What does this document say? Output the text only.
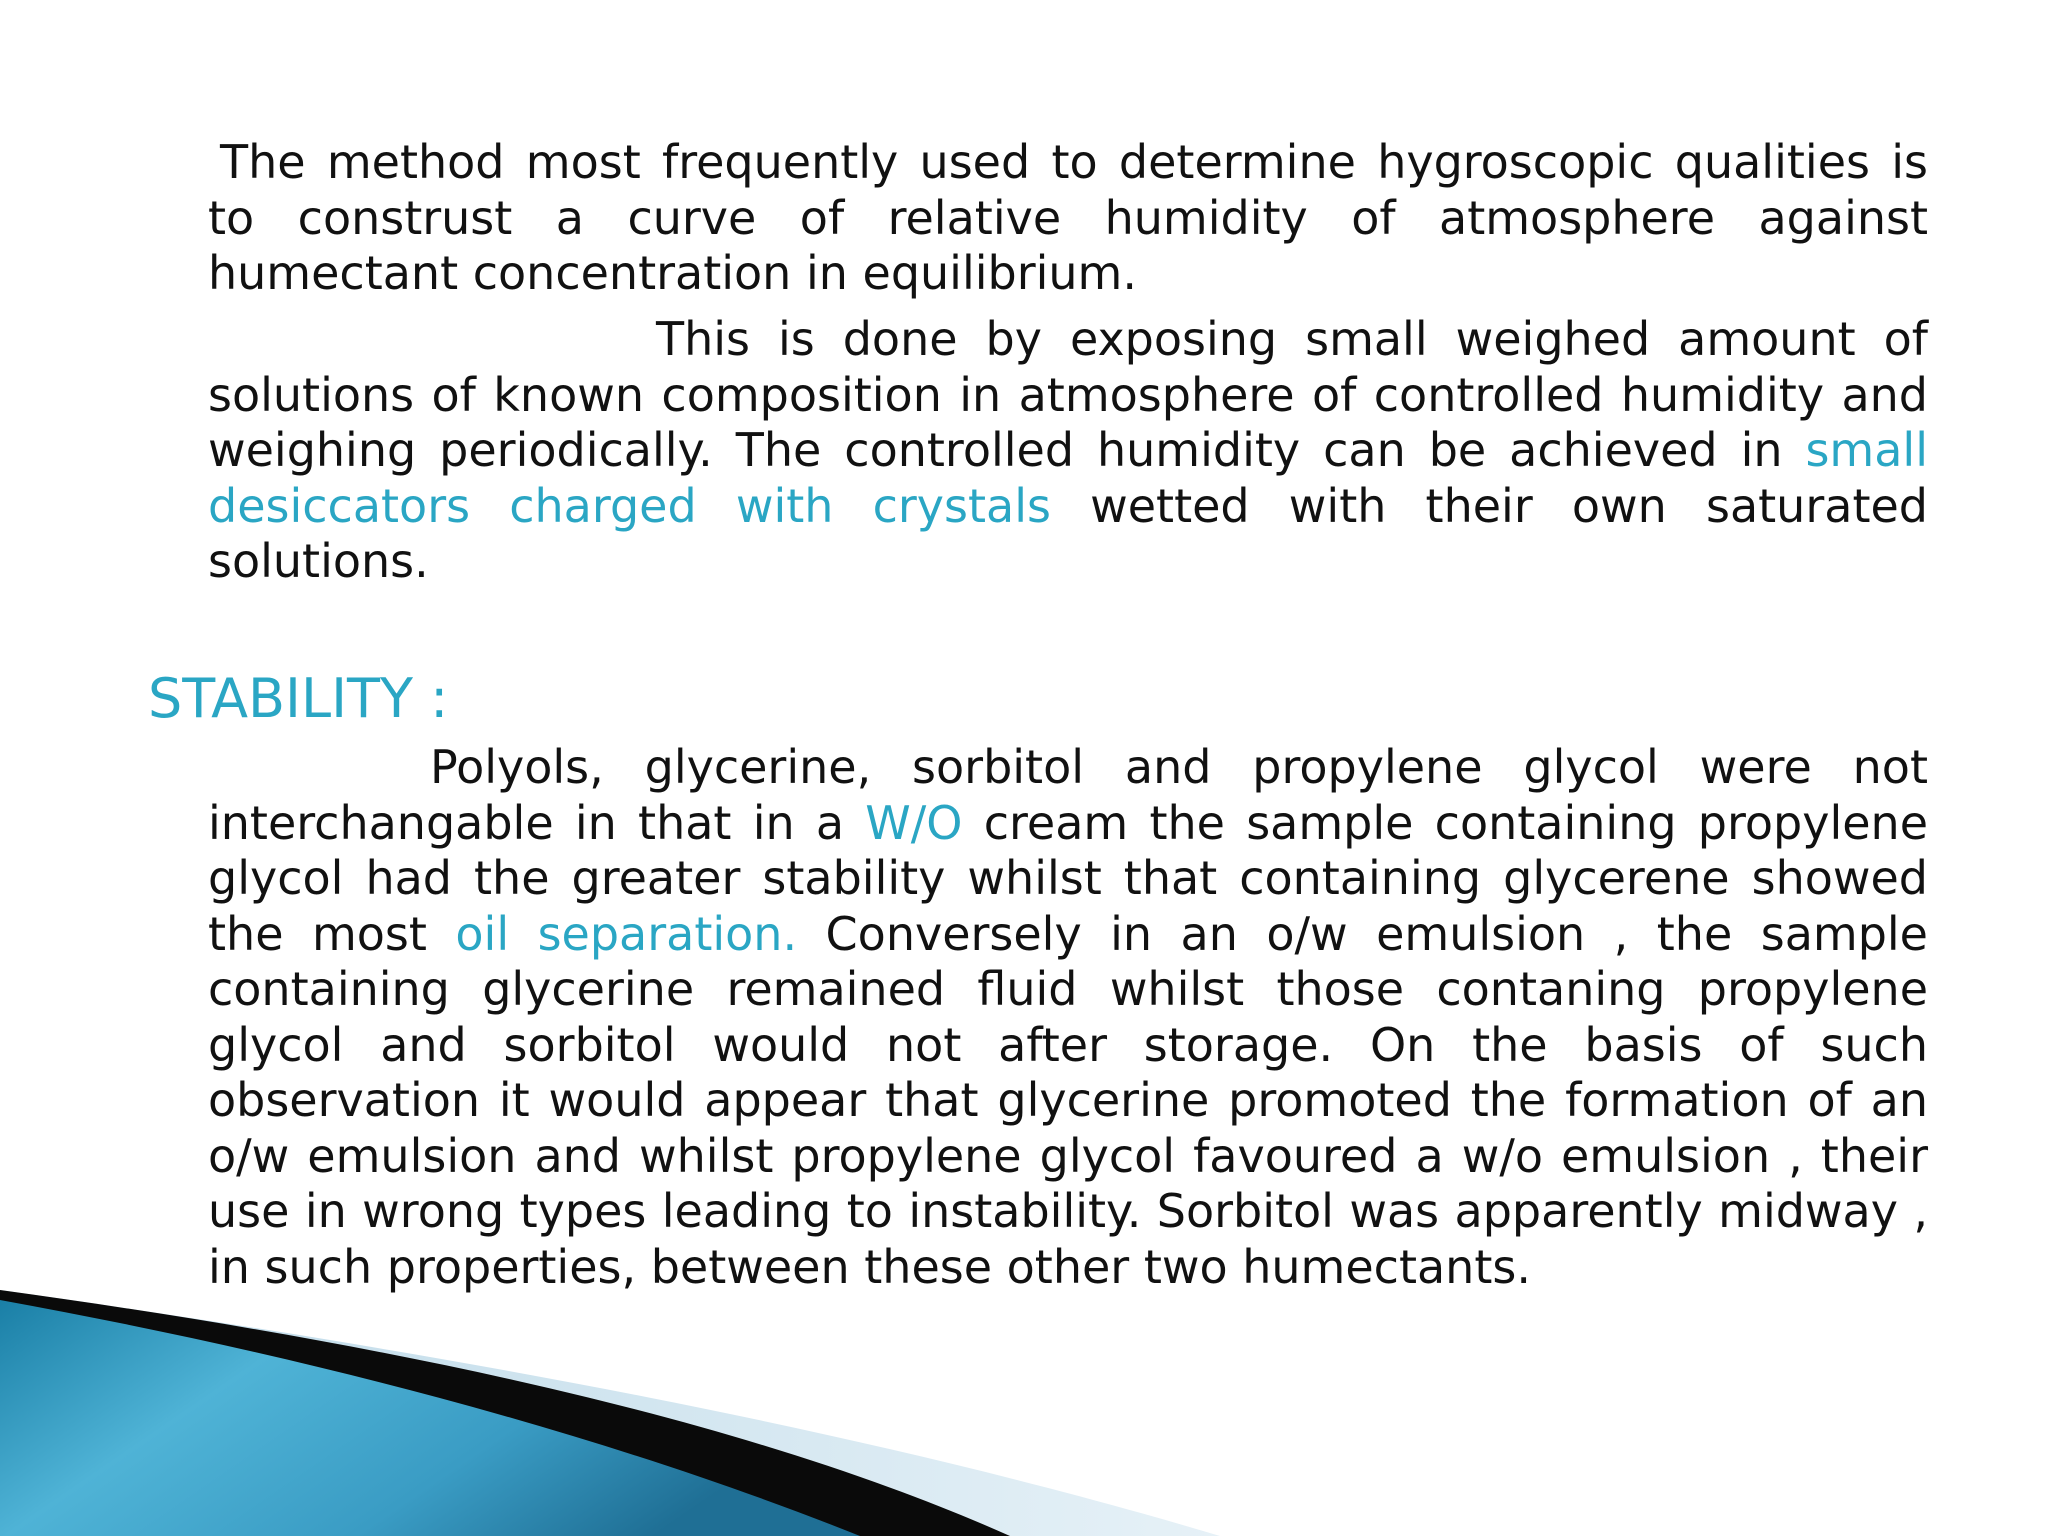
The method most frequently used to determine hygroscopic qualities is to construst a curve of relative humidity of atmosphere against humectant concentration in equilibrium.

This is done by exposing small weighed amount of solutions of known composition in atmosphere of controlled humidity and weighing periodically. The controlled humidity can be achieved in small desiccators charged with crystals wetted with their own saturated solutions.

STABILITY :

Polyols, glycerine, sorbitol and propylene glycol were not interchangable in that in a W/O cream the sample containing propylene glycol had the greater stability whilst that containing glycerene showed the most oil separation. Conversely in an o/w emulsion , the sample containing glycerine remained fluid whilst those contaning propylene glycol and sorbitol would not after storage. On the basis of such observation it would appear that glycerine promoted the formation of an o/w emulsion and whilst propylene glycol favoured a w/o emulsion , their use in wrong types leading to instability. Sorbitol was apparently midway , in such properties, between these other two humectants.
